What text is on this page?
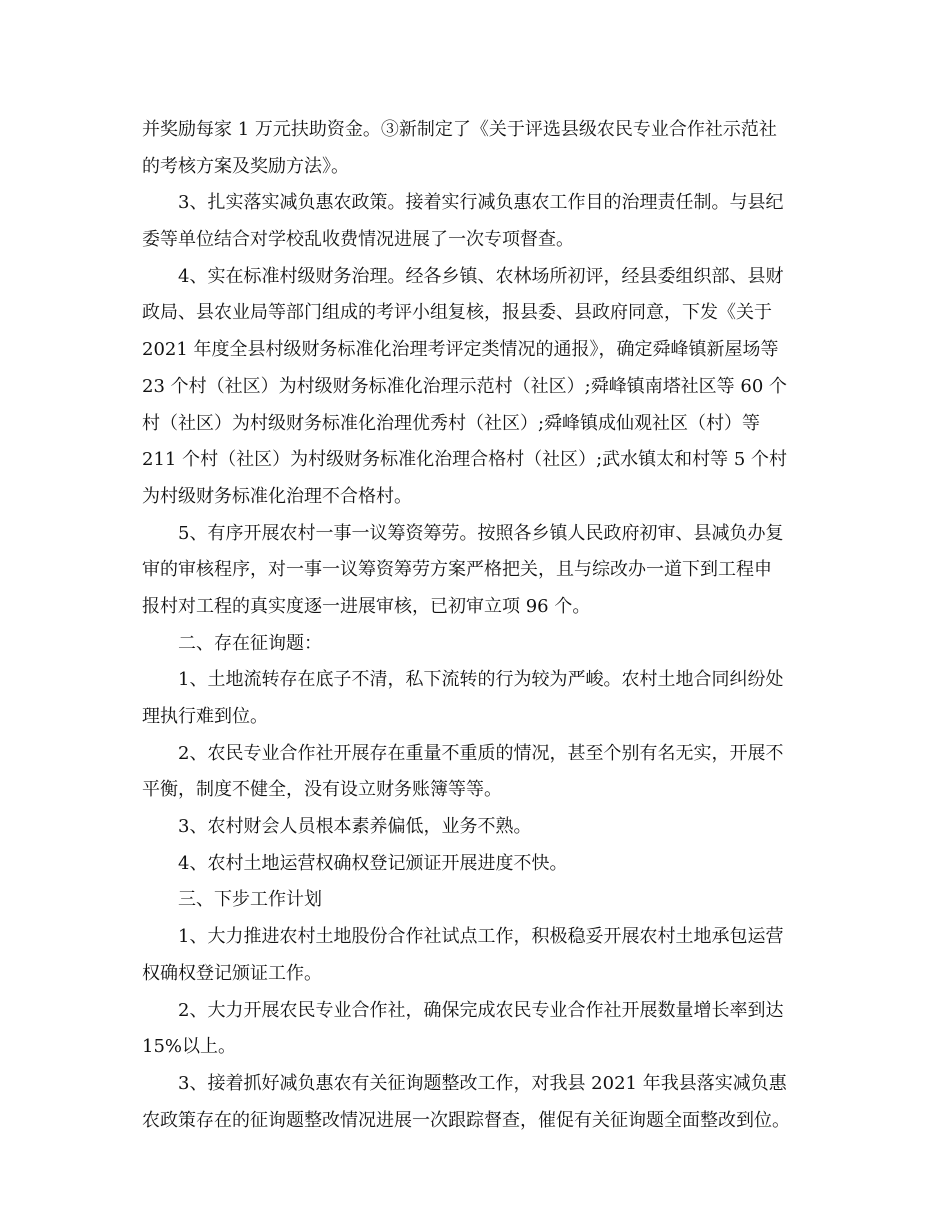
并奖励每家 1 万元扶助资金。③新制定了《关于评选县级农民专业合作社示范社
的考核方案及奖励方法》。
3、扎实落实减负惠农政策。接着实行减负惠农工作目的治理责任制。与县纪
委等单位结合对学校乱收费情况进展了一次专项督查。
4、实在标准村级财务治理。经各乡镇、农林场所初评，经县委组织部、县财
政局、县农业局等部门组成的考评小组复核，报县委、县政府同意，下发《关于
2021 年度全县村级财务标准化治理考评定类情况的通报》，确定舜峰镇新屋场等
23 个村（社区）为村级财务标准化治理示范村（社区）;舜峰镇南塔社区等 60 个
村（社区）为村级财务标准化治理优秀村（社区）;舜峰镇成仙观社区（村）等
211 个村（社区）为村级财务标准化治理合格村（社区）;武水镇太和村等 5 个村
为村级财务标准化治理不合格村。
5、有序开展农村一事一议筹资筹劳。按照各乡镇人民政府初审、县减负办复
审的审核程序，对一事一议筹资筹劳方案严格把关，且与综改办一道下到工程申
报村对工程的真实度逐一进展审核，已初审立项 96 个。
二、存在征询题：
1、土地流转存在底子不清，私下流转的行为较为严峻。农村土地合同纠纷处
理执行难到位。
2、农民专业合作社开展存在重量不重质的情况，甚至个别有名无实，开展不
平衡，制度不健全，没有设立财务账簿等等。
3、农村财会人员根本素养偏低，业务不熟。
4、农村土地运营权确权登记颁证开展进度不快。
三、下步工作计划
1、大力推进农村土地股份合作社试点工作，积极稳妥开展农村土地承包运营
权确权登记颁证工作。
2、大力开展农民专业合作社，确保完成农民专业合作社开展数量增长率到达
15%以上。
3、接着抓好减负惠农有关征询题整改工作，对我县 2021 年我县落实减负惠
农政策存在的征询题整改情况进展一次跟踪督查，催促有关征询题全面整改到位。
